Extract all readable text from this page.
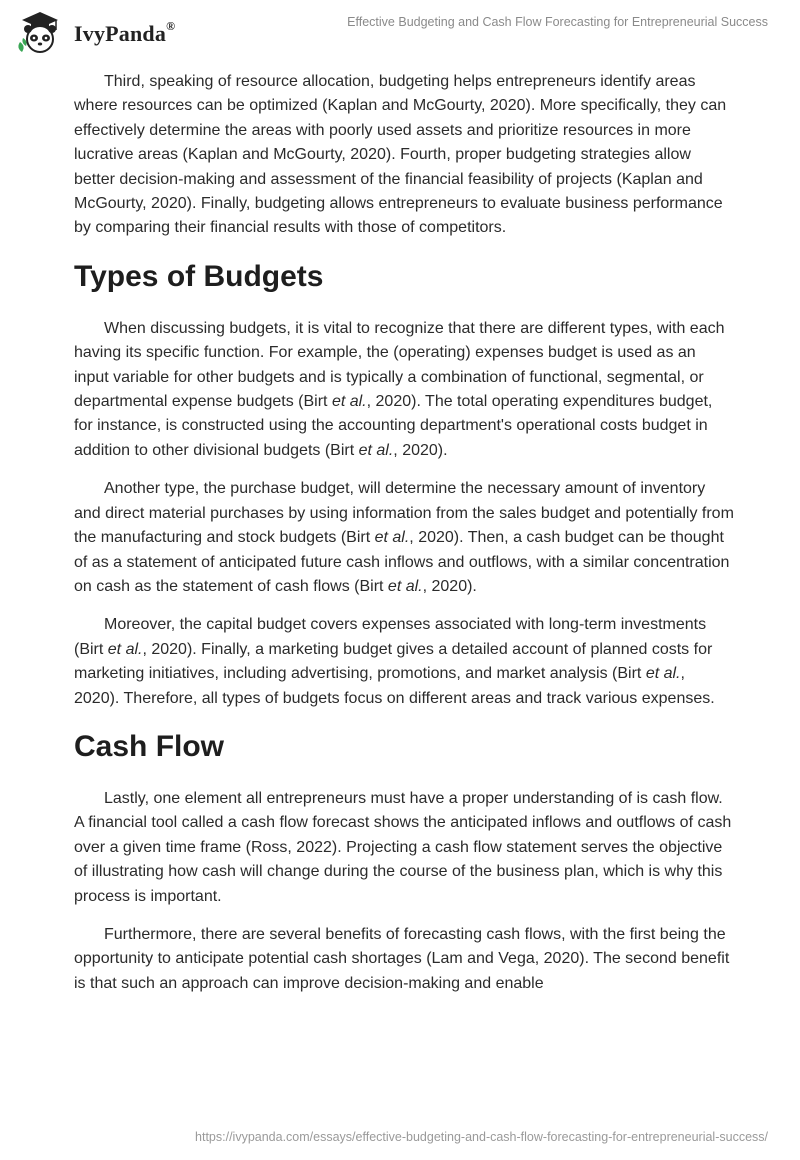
IvyPanda®	Effective Budgeting and Cash Flow Forecasting for Entrepreneurial Success

Third, speaking of resource allocation, budgeting helps entrepreneurs identify areas where resources can be optimized (Kaplan and McGourty, 2020). More specifically, they can effectively determine the areas with poorly used assets and prioritize resources in more lucrative areas (Kaplan and McGourty, 2020). Fourth, proper budgeting strategies allow better decision-making and assessment of the financial feasibility of projects (Kaplan and McGourty, 2020). Finally, budgeting allows entrepreneurs to evaluate business performance by comparing their financial results with those of competitors.

Types of Budgets

When discussing budgets, it is vital to recognize that there are different types, with each having its specific function. For example, the (operating) expenses budget is used as an input variable for other budgets and is typically a combination of functional, segmental, or departmental expense budgets (Birt et al., 2020). The total operating expenditures budget, for instance, is constructed using the accounting department's operational costs budget in addition to other divisional budgets (Birt et al., 2020).

Another type, the purchase budget, will determine the necessary amount of inventory and direct material purchases by using information from the sales budget and potentially from the manufacturing and stock budgets (Birt et al., 2020). Then, a cash budget can be thought of as a statement of anticipated future cash inflows and outflows, with a similar concentration on cash as the statement of cash flows (Birt et al., 2020).

Moreover, the capital budget covers expenses associated with long-term investments (Birt et al., 2020). Finally, a marketing budget gives a detailed account of planned costs for marketing initiatives, including advertising, promotions, and market analysis (Birt et al., 2020). Therefore, all types of budgets focus on different areas and track various expenses.

Cash Flow

Lastly, one element all entrepreneurs must have a proper understanding of is cash flow. A financial tool called a cash flow forecast shows the anticipated inflows and outflows of cash over a given time frame (Ross, 2022). Projecting a cash flow statement serves the objective of illustrating how cash will change during the course of the business plan, which is why this process is important.

Furthermore, there are several benefits of forecasting cash flows, with the first being the opportunity to anticipate potential cash shortages (Lam and Vega, 2020). The second benefit is that such an approach can improve decision-making and enable

https://ivypanda.com/essays/effective-budgeting-and-cash-flow-forecasting-for-entrepreneurial-success/
